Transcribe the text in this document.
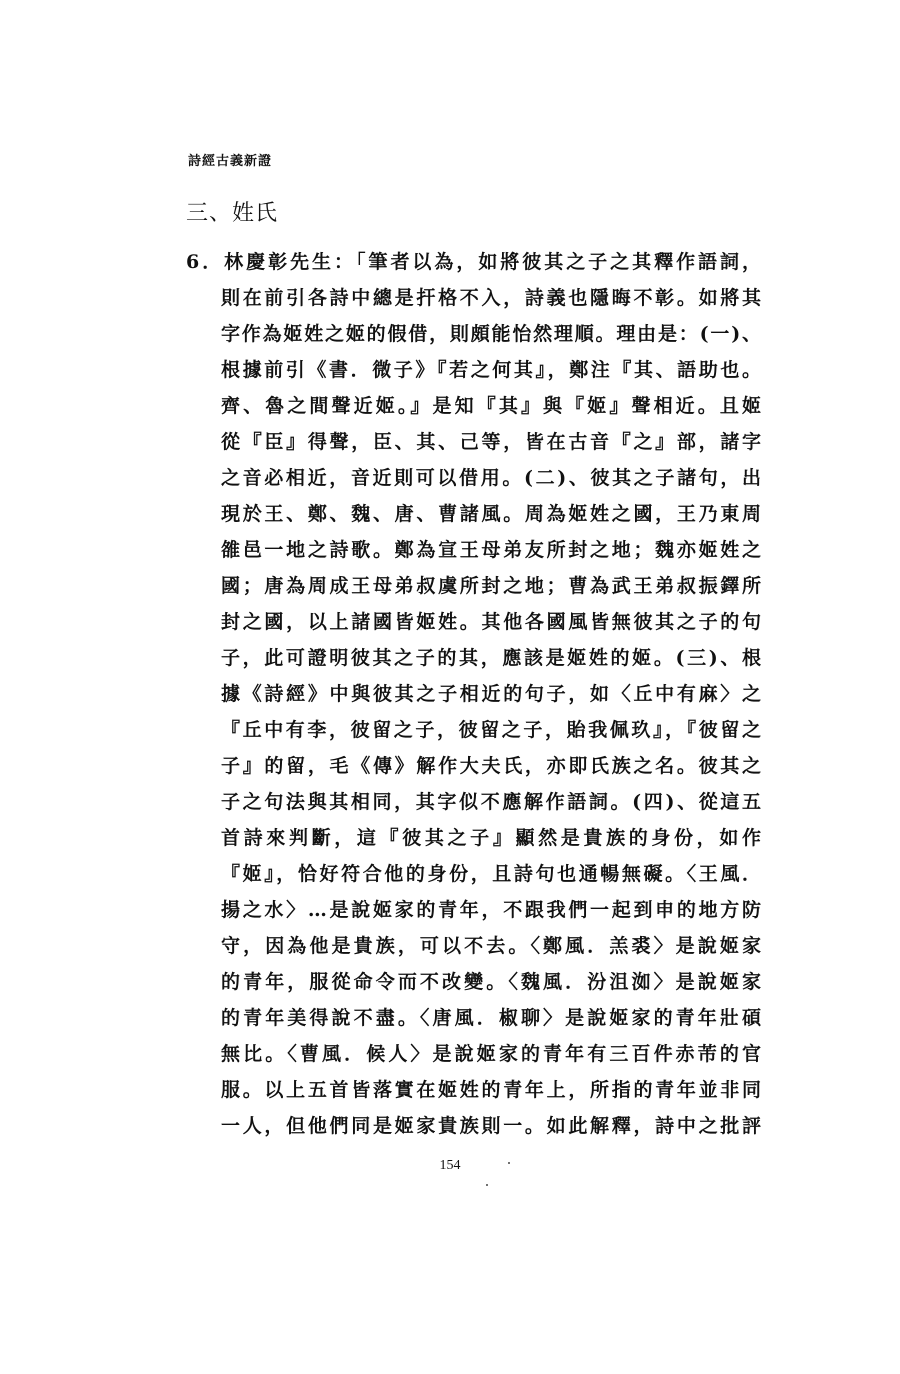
詩經古義新證
三、姓氏
6．林慶彰先生：「筆者以為，如將彼其之子之其釋作語詞，
則在前引各詩中總是扞格不入，詩義也隱晦不彰。如將其
字作為姬姓之姬的假借，則頗能怡然理順。理由是：(一)、
根據前引《書．微子》『若之何其』，鄭注『其、語助也。
齊、魯之間聲近姬。』是知『其』與『姬』聲相近。且姬
從『臣』得聲，臣、其、己等，皆在古音『之』部，諸字
之音必相近，音近則可以借用。(二)、彼其之子諸句，出
現於王、鄭、魏、唐、曹諸風。周為姬姓之國，王乃東周
雒邑一地之詩歌。鄭為宣王母弟友所封之地；魏亦姬姓之
國；唐為周成王母弟叔虞所封之地；曹為武王弟叔振鐸所
封之國，以上諸國皆姬姓。其他各國風皆無彼其之子的句
子，此可證明彼其之子的其，應該是姬姓的姬。(三)、根
據《詩經》中與彼其之子相近的句子，如〈丘中有麻〉之
『丘中有李，彼留之子，彼留之子，貽我佩玖』，『彼留之
子』的留，毛《傳》解作大夫氏，亦即氏族之名。彼其之
子之句法與其相同，其字似不應解作語詞。(四)、從這五
首詩來判斷，這『彼其之子』顯然是貴族的身份，如作
『姬』，恰好符合他的身份，且詩句也通暢無礙。〈王風．
揚之水〉…是說姬家的青年，不跟我們一起到申的地方防
守，因為他是貴族，可以不去。〈鄭風．羔裘〉是說姬家
的青年，服從命令而不改變。〈魏風．汾沮洳〉是說姬家
的青年美得說不盡。〈唐風．椒聊〉是說姬家的青年壯碩
無比。〈曹風．候人〉是說姬家的青年有三百件赤芾的官
服。以上五首皆落實在姬姓的青年上，所指的青年並非同
一人，但他們同是姬家貴族則一。如此解釋，詩中之批評
154
